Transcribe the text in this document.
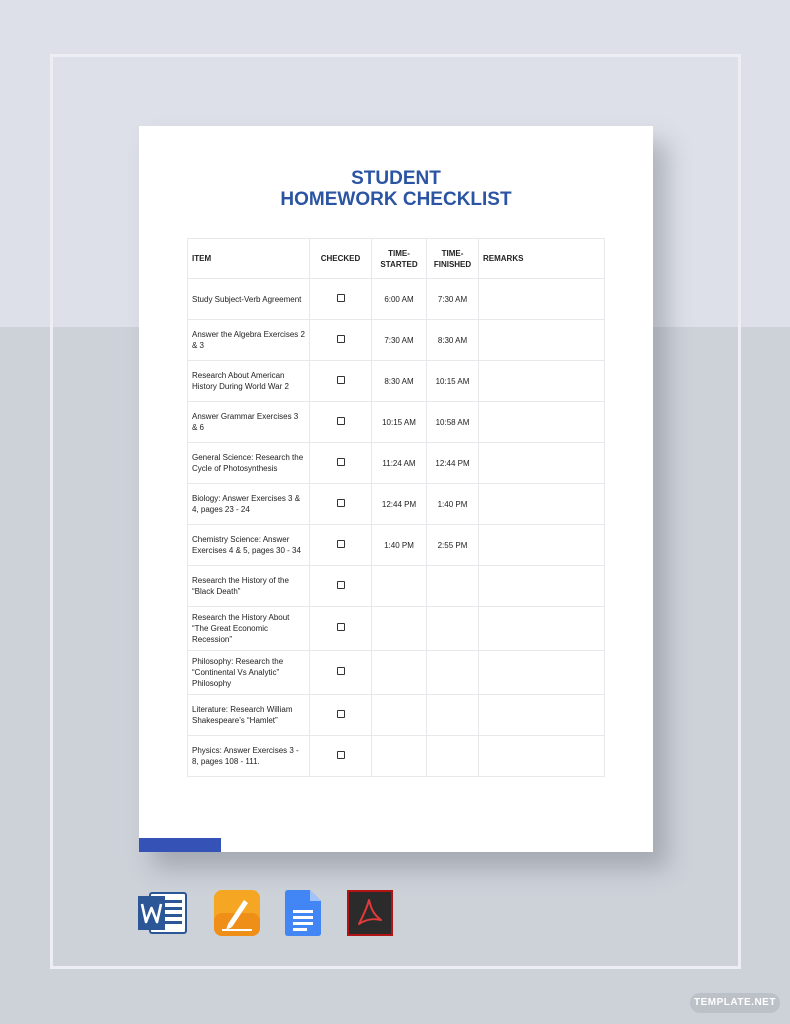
STUDENT
HOMEWORK CHECKLIST
ITEM	CHECKED	TIME-STARTED	TIME-FINISHED	REMARKS
Study Subject-Verb Agreement		6:00 AM	7:30 AM	
Answer the Algebra Exercises 2 & 3		7:30 AM	8:30 AM	
Research About American History During World War 2		8:30 AM	10:15 AM	
Answer Grammar Exercises 3 & 6		10:15 AM	10:58 AM	
General Science: Research the Cycle of Photosynthesis		11:24 AM	12:44 PM	
Biology: Answer Exercises 3 & 4, pages 23 - 24		12:44 PM	1:40 PM	
Chemistry Science: Answer Exercises 4 & 5, pages 30 - 34		1:40 PM	2:55 PM	
Research the History of the “Black Death”				
Research the History About “The Great Economic Recession”				
Philosophy: Research the “Continental Vs Analytic” Philosophy				
Literature: Research William Shakespeare’s “Hamlet”				
Physics: Answer Exercises 3 - 8, pages 108 - 111.				
TEMPLATE.NET
